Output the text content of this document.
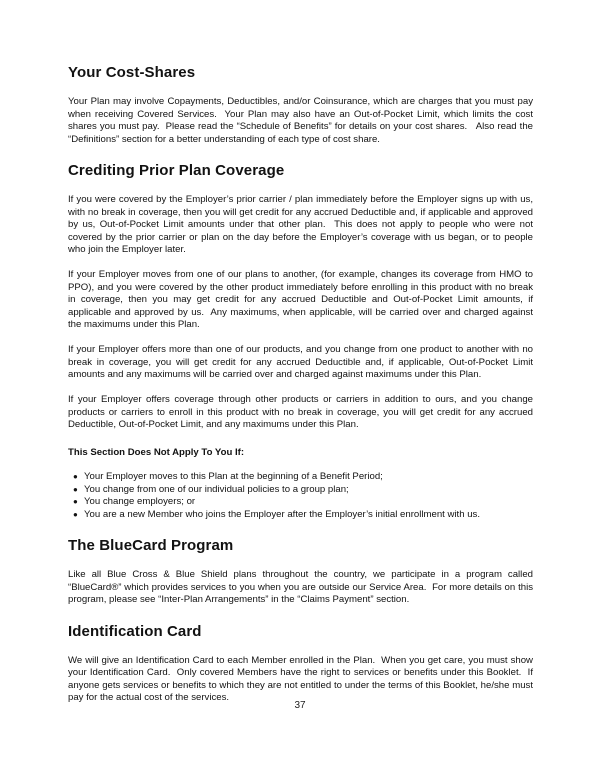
Your Cost-Shares

Your Plan may involve Copayments, Deductibles, and/or Coinsurance, which are charges that you must pay when receiving Covered Services.  Your Plan may also have an Out-of-Pocket Limit, which limits the cost shares you must pay.  Please read the “Schedule of Benefits” for details on your cost shares.   Also read the “Definitions” section for a better understanding of each type of cost share.

Crediting Prior Plan Coverage

If you were covered by the Employer’s prior carrier / plan immediately before the Employer signs up with us, with no break in coverage, then you will get credit for any accrued Deductible and, if applicable and approved by us, Out-of-Pocket Limit amounts under that other plan.  This does not apply to people who were not covered by the prior carrier or plan on the day before the Employer’s coverage with us began, or to people who join the Employer later.

If your Employer moves from one of our plans to another, (for example, changes its coverage from HMO to PPO), and you were covered by the other product immediately before enrolling in this product with no break in coverage, then you may get credit for any accrued Deductible and Out-of-Pocket Limit amounts, if applicable and approved by us.  Any maximums, when applicable, will be carried over and charged against the maximums under this Plan.

If your Employer offers more than one of our products, and you change from one product to another with no break in coverage, you will get credit for any accrued Deductible and, if applicable, Out-of-Pocket Limit amounts and any maximums will be carried over and charged against maximums under this Plan.

If your Employer offers coverage through other products or carriers in addition to ours, and you change products or carriers to enroll in this product with no break in coverage, you will get credit for any accrued Deductible, Out-of-Pocket Limit, and any maximums under this Plan.

This Section Does Not Apply To You If:
● Your Employer moves to this Plan at the beginning of a Benefit Period;
● You change from one of our individual policies to a group plan;
● You change employers; or
● You are a new Member who joins the Employer after the Employer’s initial enrollment with us.
The BlueCard Program

Like all Blue Cross & Blue Shield plans throughout the country, we participate in a program called “BlueCard®” which provides services to you when you are outside our Service Area.  For more details on this program, please see “Inter-Plan Arrangements” in the “Claims Payment” section.

Identification Card

We will give an Identification Card to each Member enrolled in the Plan.  When you get care, you must show your Identification Card.  Only covered Members have the right to services or benefits under this Booklet.  If anyone gets services or benefits to which they are not entitled to under the terms of this Booklet, he/she must pay for the actual cost of the services.

37
